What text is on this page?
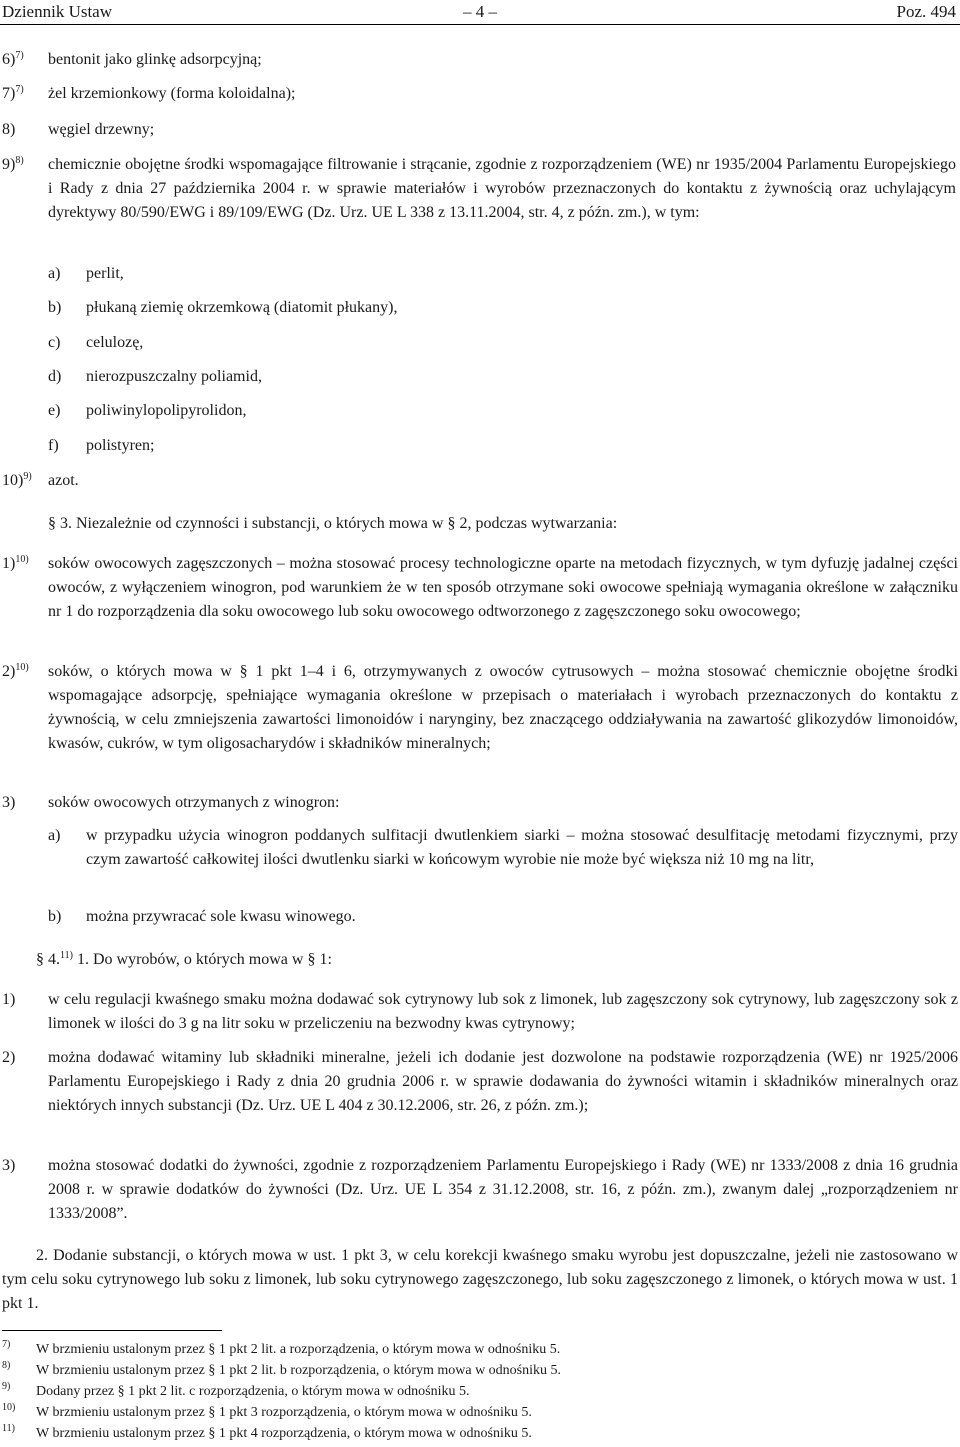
Dziennik Ustaw	– 4 –	Poz. 494
6)$^{7)}$ bentonit jako glinkę adsorpcyjną;
7)$^{7)}$ żel krzemionkowy (forma koloidalna);
8) węgiel drzewny;
9)$^{8)}$ chemicznie obojętne środki wspomagające filtrowanie i strącanie, zgodnie z rozporządzeniem (WE) nr 1935/2004 Parlamentu Europejskiego i Rady z dnia 27 października 2004 r. w sprawie materiałów i wyrobów przeznaczonych do kontaktu z żywnością oraz uchylającym dyrektywy 80/590/EWG i 89/109/EWG (Dz. Urz. UE L 338 z 13.11.2004, str. 4, z późn. zm.), w tym:
a) perlit,
b) płukaną ziemię okrzemkową (diatomit płukany),
c) celulozę,
d) nierozpuszczalny poliamid,
e) poliwinylopolipyrolidon,
f) polistyren;
10)$^{9)}$ azot.
§ 3. Niezależnie od czynności i substancji, o których mowa w § 2, podczas wytwarzania:
1)$^{10)}$ soków owocowych zagęszczonych – można stosować procesy technologiczne oparte na metodach fizycznych, w tym dyfuzję jadalnej części owoców, z wyłączeniem winogron, pod warunkiem że w ten sposób otrzymane soki owocowe spełniają wymagania określone w załączniku nr 1 do rozporządzenia dla soku owocowego lub soku owocowego odtworzonego z zagęszczonego soku owocowego;
2)$^{10)}$ soków, o których mowa w § 1 pkt 1–4 i 6, otrzymywanych z owoców cytrusowych – można stosować chemicznie obojętne środki wspomagające adsorpcję, spełniające wymagania określone w przepisach o materiałach i wyrobach przeznaczonych do kontaktu z żywnością, w celu zmniejszenia zawartości limonoidów i narynginy, bez znaczącego oddziaływania na zawartość glikozydów limonoidów, kwasów, cukrów, w tym oligosacharydów i składników mineralnych;
3) soków owocowych otrzymanych z winogron:
a) w przypadku użycia winogron poddanych sulfitacji dwutlenkiem siarki – można stosować desulfitację metodami fizycznymi, przy czym zawartość całkowitej ilości dwutlenku siarki w końcowym wyrobie nie może być większa niż 10 mg na litr,
b) można przywracać sole kwasu winowego.
§ 4.$^{11)}$ 1. Do wyrobów, o których mowa w § 1:
1) w celu regulacji kwaśnego smaku można dodawać sok cytrynowy lub sok z limonek, lub zagęszczony sok cytrynowy, lub zagęszczony sok z limonek w ilości do 3 g na litr soku w przeliczeniu na bezwodny kwas cytrynowy;
2) można dodawać witaminy lub składniki mineralne, jeżeli ich dodanie jest dozwolone na podstawie rozporządzenia (WE) nr 1925/2006 Parlamentu Europejskiego i Rady z dnia 20 grudnia 2006 r. w sprawie dodawania do żywności witamin i składników mineralnych oraz niektórych innych substancji (Dz. Urz. UE L 404 z 30.12.2006, str. 26, z późn. zm.);
3) można stosować dodatki do żywności, zgodnie z rozporządzeniem Parlamentu Europejskiego i Rady (WE) nr 1333/2008 z dnia 16 grudnia 2008 r. w sprawie dodatków do żywności (Dz. Urz. UE L 354 z 31.12.2008, str. 16, z późn. zm.), zwanym dalej „rozporządzeniem nr 1333/2008”.
2. Dodanie substancji, o których mowa w ust. 1 pkt 3, w celu korekcji kwaśnego smaku wyrobu jest dopuszczalne, jeżeli nie zastosowano w tym celu soku cytrynowego lub soku z limonek, lub soku cytrynowego zagęszczonego, lub soku zagęszczonego z limonek, o których mowa w ust. 1 pkt 1.
7) W brzmieniu ustalonym przez § 1 pkt 2 lit. a rozporządzenia, o którym mowa w odnośniku 5.
8) W brzmieniu ustalonym przez § 1 pkt 2 lit. b rozporządzenia, o którym mowa w odnośniku 5.
9) Dodany przez § 1 pkt 2 lit. c rozporządzenia, o którym mowa w odnośniku 5.
10) W brzmieniu ustalonym przez § 1 pkt 3 rozporządzenia, o którym mowa w odnośniku 5.
11) W brzmieniu ustalonym przez § 1 pkt 4 rozporządzenia, o którym mowa w odnośniku 5.
